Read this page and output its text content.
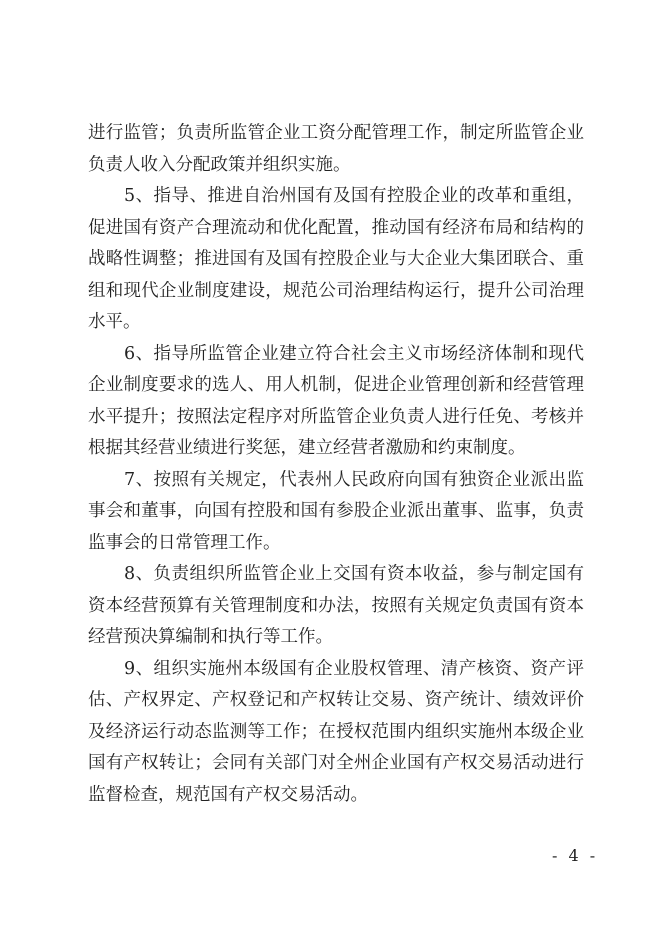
进行监管；负责所监管企业工资分配管理工作，制定所监管企业
负责人收入分配政策并组织实施。
5、指导、推进自治州国有及国有控股企业的改革和重组，
促进国有资产合理流动和优化配置，推动国有经济布局和结构的
战略性调整；推进国有及国有控股企业与大企业大集团联合、重
组和现代企业制度建设，规范公司治理结构运行，提升公司治理
水平。
6、指导所监管企业建立符合社会主义市场经济体制和现代
企业制度要求的选人、用人机制，促进企业管理创新和经营管理
水平提升；按照法定程序对所监管企业负责人进行任免、考核并
根据其经营业绩进行奖惩，建立经营者激励和约束制度。
7、按照有关规定，代表州人民政府向国有独资企业派出监
事会和董事，向国有控股和国有参股企业派出董事、监事，负责
监事会的日常管理工作。
8、负责组织所监管企业上交国有资本收益，参与制定国有
资本经营预算有关管理制度和办法，按照有关规定负责国有资本
经营预决算编制和执行等工作。
9、组织实施州本级国有企业股权管理、清产核资、资产评
估、产权界定、产权登记和产权转让交易、资产统计、绩效评价
及经济运行动态监测等工作；在授权范围内组织实施州本级企业
国有产权转让；会同有关部门对全州企业国有产权交易活动进行
监督检查，规范国有产权交易活动。
- 4 -
